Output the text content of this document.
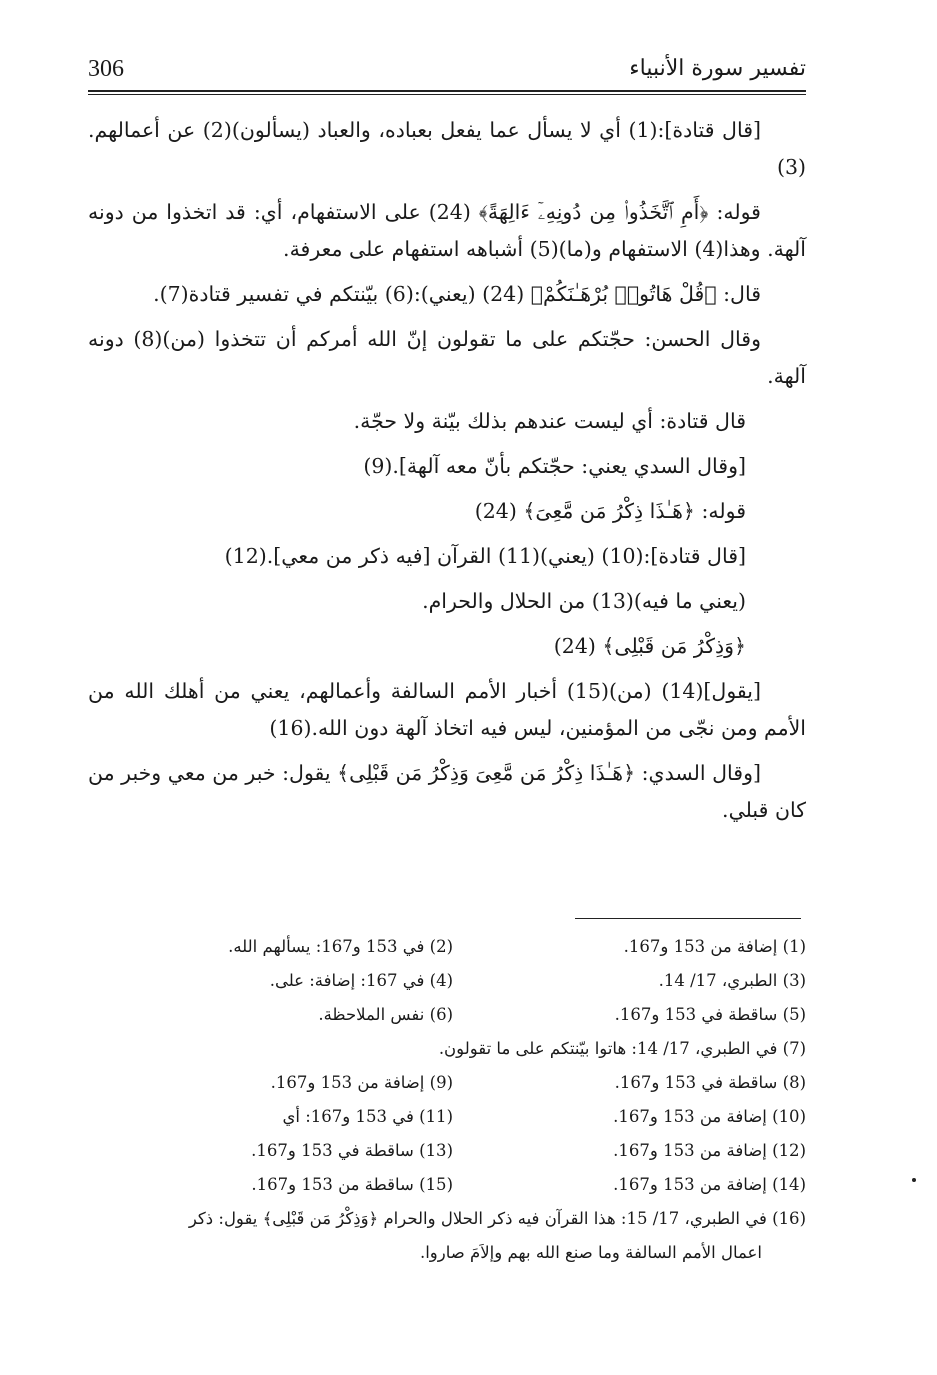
306	تفسير سورة الأنبياء

[قال قتادة]:(1) أي لا يسأل عما يفعل بعباده، والعباد (يسألون)(2) عن أعمالهم.(3)

قوله: ﴿أَمِ ٱتَّخَذُوا۟ مِن دُونِهِۦٓ ءَالِهَةً﴾ (24) على الاستفهام، أي: قد اتخذوا من دونه آلهة. وهذا(4) الاستفهام و(ما)(5) أشباهه استفهام على معرفة.

قال: ﴿قُلْ هَاتُوا۟ بُرْهَـٰنَكُمْ﴾ (24) (يعني):(6) بيّنتكم في تفسير قتادة(7).

وقال الحسن: حجّتكم على ما تقولون إنّ الله أمركم أن تتخذوا (من)(8) دونه آلهة.

قال قتادة: أي ليست عندهم بذلك بيّنة ولا حجّة.

[وقال السدي يعني: حجّتكم بأنّ معه آلهة].(9)

قوله: ﴿هَـٰذَا ذِكْرُ مَن مَّعِىَ﴾ (24)

[قال قتادة]:(10) (يعني)(11) القرآن [فيه ذكر من معي].(12)

(يعني ما فيه)(13) من الحلال والحرام.

﴿وَذِكْرُ مَن قَبْلِى﴾ (24)

[يقول](14) (من)(15) أخبار الأمم السالفة وأعمالهم، يعني من أهلك الله من الأمم ومن نجّى من المؤمنين، ليس فيه اتخاذ آلهة دون الله.(16)

[وقال السدي: ﴿هَـٰذَا ذِكْرُ مَن مَّعِىَ وَذِكْرُ مَن قَبْلِى﴾ يقول: خبر من معي وخبر من كان قبلي.

(1) إضافة من 153 و167.
(2) في 153 و167: يسألهم الله.
(3) الطبري، 17/ 14.
(4) في 167: إضافة: على.
(5) ساقطة في 153 و167.
(6) نفس الملاحظة.
(7) في الطبري، 17/ 14: هاتوا بيّنتكم على ما تقولون.
(8) ساقطة في 153 و167.
(9) إضافة من 153 و167.
(10) إضافة من 153 و167.
(11) في 153 و167: أي
(12) إضافة من 153 و167.
(13) ساقطة في 153 و167.
(14) إضافة من 153 و167.
(15) ساقطة من 153 و167.
(16) في الطبري، 17/ 15: هذا القرآن فيه ذكر الحلال والحرام ﴿وَذِكْرُ مَن قَبْلِى﴾ يقول: ذكر
اعمال الأمم السالفة وما صنع الله بهم وإلاَمَ صاروا.
